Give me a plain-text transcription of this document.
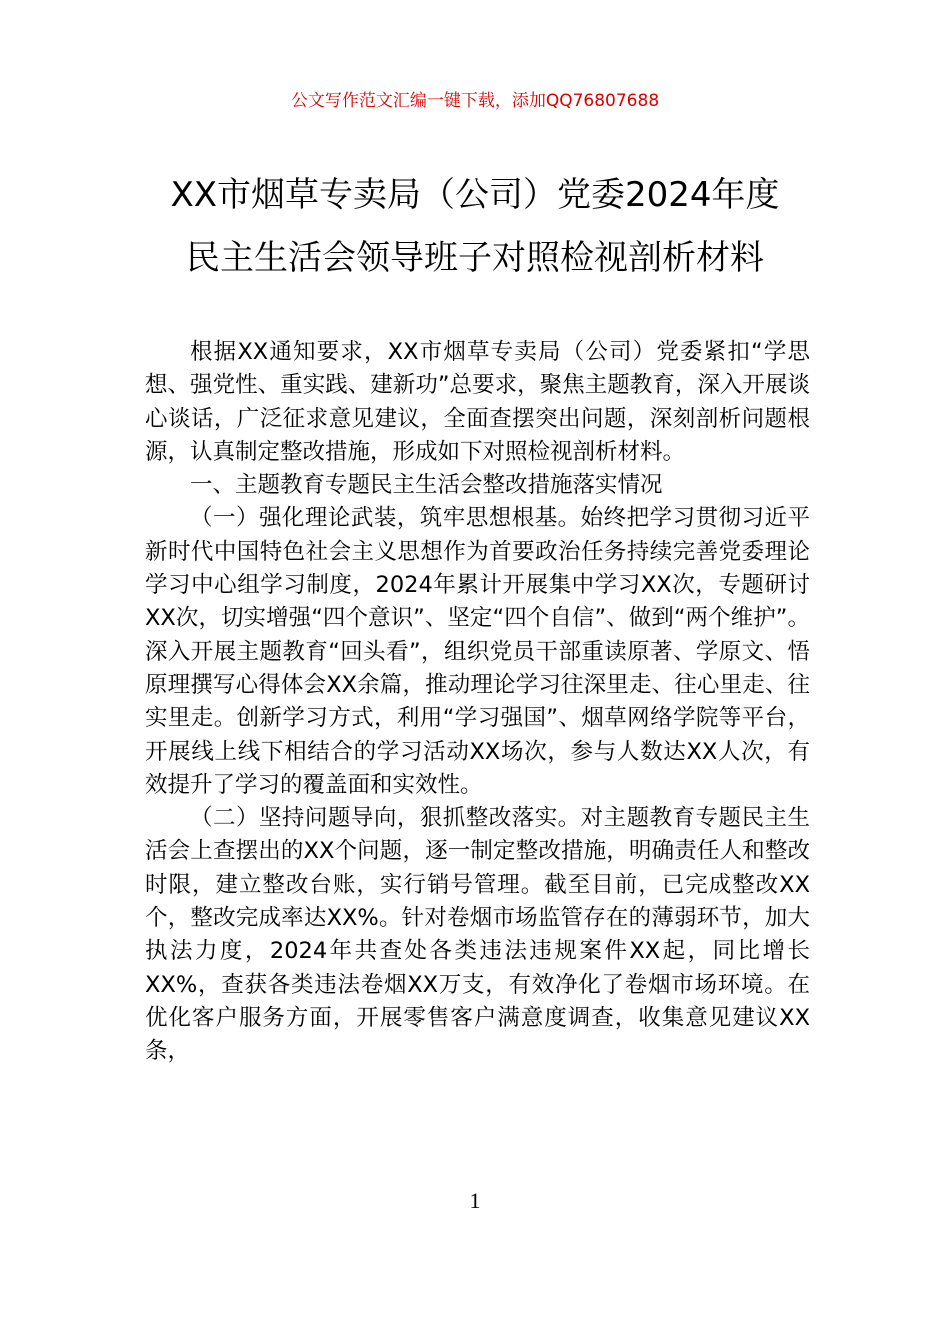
公文写作范文汇编一键下载，添加QQ76807688
XX市烟草专卖局（公司）党委2024年度
民主生活会领导班子对照检视剖析材料

根据XX通知要求，XX市烟草专卖局（公司）党委紧扣“学思想、强党性、重实践、建新功”总要求，聚焦主题教育，深入开展谈心谈话，广泛征求意见建议，全面查摆突出问题，深刻剖析问题根源，认真制定整改措施，形成如下对照检视剖析材料。

一、主题教育专题民主生活会整改措施落实情况

（一）强化理论武装，筑牢思想根基。始终把学习贯彻习近平新时代中国特色社会主义思想作为首要政治任务持续完善党委理论学习中心组学习制度，2024年累计开展集中学习XX次，专题研讨XX次，切实增强“四个意识”、坚定“四个自信”、做到“两个维护”。深入开展主题教育“回头看”，组织党员干部重读原著、学原文、悟原理撰写心得体会XX余篇，推动理论学习往深里走、往心里走、往实里走。创新学习方式，利用“学习强国”、烟草网络学院等平台，开展线上线下相结合的学习活动XX场次，参与人数达XX人次，有效提升了学习的覆盖面和实效性。

（二）坚持问题导向，狠抓整改落实。对主题教育专题民主生活会上查摆出的XX个问题，逐一制定整改措施，明确责任人和整改时限，建立整改台账，实行销号管理。截至目前，已完成整改XX个，整改完成率达XX%。针对卷烟市场监管存在的薄弱环节，加大执法力度，2024年共查处各类违法违规案件XX起，同比增长XX%，查获各类违法卷烟XX万支，有效净化了卷烟市场环境。在优化客户服务方面，开展零售客户满意度调查，收集意见建议XX条，

1
